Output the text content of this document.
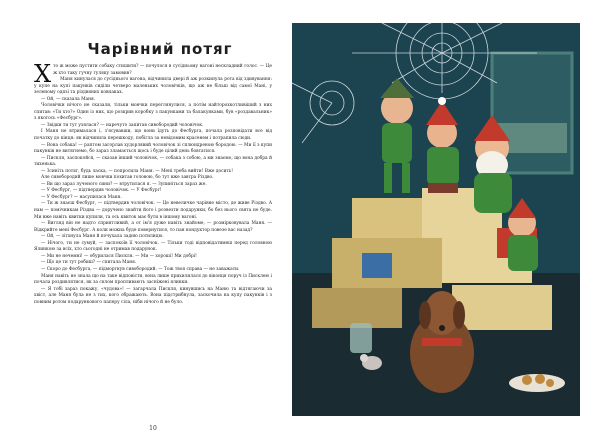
Чарівний потяг

Хто ж може пустити собаку стишити? — почулося в сусідньому ваґоні нескладний голос. — Це ж хто таку гучну гуляку замовив?

Маня кинулася до сусіднього вагона, відчинила двері й аж розкинула рота від здивування: у купе на купі пакунків сиділи четверо маленьких чоловічків, що аж не більш від самої Мані, у зеленому одязі та різдвяних ковпаках.

— Ой, — сказала Маня.

Чоловічки нічого не сказали, тільки мовчки переглянулися, а потім найторохкотливіший з них спитав: «Ти хто?» Один із них, що розкрив коробку з пакунками та балакунками, був «роздавальник» з якогось «Фесбург».

— Звідки ти тут узялася? — наречуто запитав сивобородий чоловічок.

І Маня не втрималася і, з'ясувавши, що вони їдуть до Фесбурга, почала розповідати все від початку до кінця: як відчинила перешкоду, побігла за невідомим красенем і потрапила сюди.

— Вона собака! — раптом загорлав худорлявий чоловічок зі сплюндреною бородою. — Ми її з купи пакунків не витягнемо, бо зараз зламається щось і буде цілий день бовтатися.

— Пискля, заспокойся, — сказав інший чоловічок, — собака з собою, а ми знаємо, що вона добра й тихенька.

— Зсиніть потяг, будь ласка, — попросила Маня. — Мені треба вийти! Вже досить!

Але сивобородий лише мовчки похитав головою, бо тут вже завтра Різдво.

— Ви що зараз лученого сини? — втрутилася я. — Зупиніться зараз же.

— У Фесбург, — підтвердив чоловічок. — У Фесбург!

— У Фесбург? — насупилася Маня.

— Ти ж знаєш Фесбург, — підтвердив чоловічок. — Це невеличке чарівне місто, де живе Різдво. А нам — помічникам Різдва — доручено знайти його і розвезти подарунки, бо без нього свята не буде. Ми вже навіть квитки купили, та ось квиток має бути в іншому вагоні.

— Вигляд він не надто сприятливий, а от ім'я дуже навіть знайоме, — розмірковувала Маня. — Відкрийте мені Фесбург. А коли можна буде повернутися, то пан кондуктор повезе вас назад?

— Ой, — зітхнула Маня й почухала задню потилицю.

— Нічого, ти не сумуй, — заспокоїв її чоловічок. — Тільки тоді відповідатимеш перед головною Ялинкою за всіх, хто сьогодні не отримав подарунок.

— Ми не нечемні! — обурилася Пискля. — Ми — хороші! Ми добрі!

— Що це ти тут робиш? — спитала Маня.

— Скоро до Фесбурга, — підморгнув сивобородий. — Тож твоя справа — не заважати.

Маня навіть не знала що на таке відповісти, вона лише прихилилася до віконця поруч із Писклею і почала роздивлятися, як за склом пропливають засніжені ялинки.

— Я тобі зараз покажу, «чудова»! — загарчала Пискля, кинувшись на Маню та відтягаючи за хвіст, але Маня була не з тих, кого ображають. Вона підстрибнула, заскочила на купу пакунків і з повним ротом подарункового паперу сіла, ніби нічого й не було.

10
